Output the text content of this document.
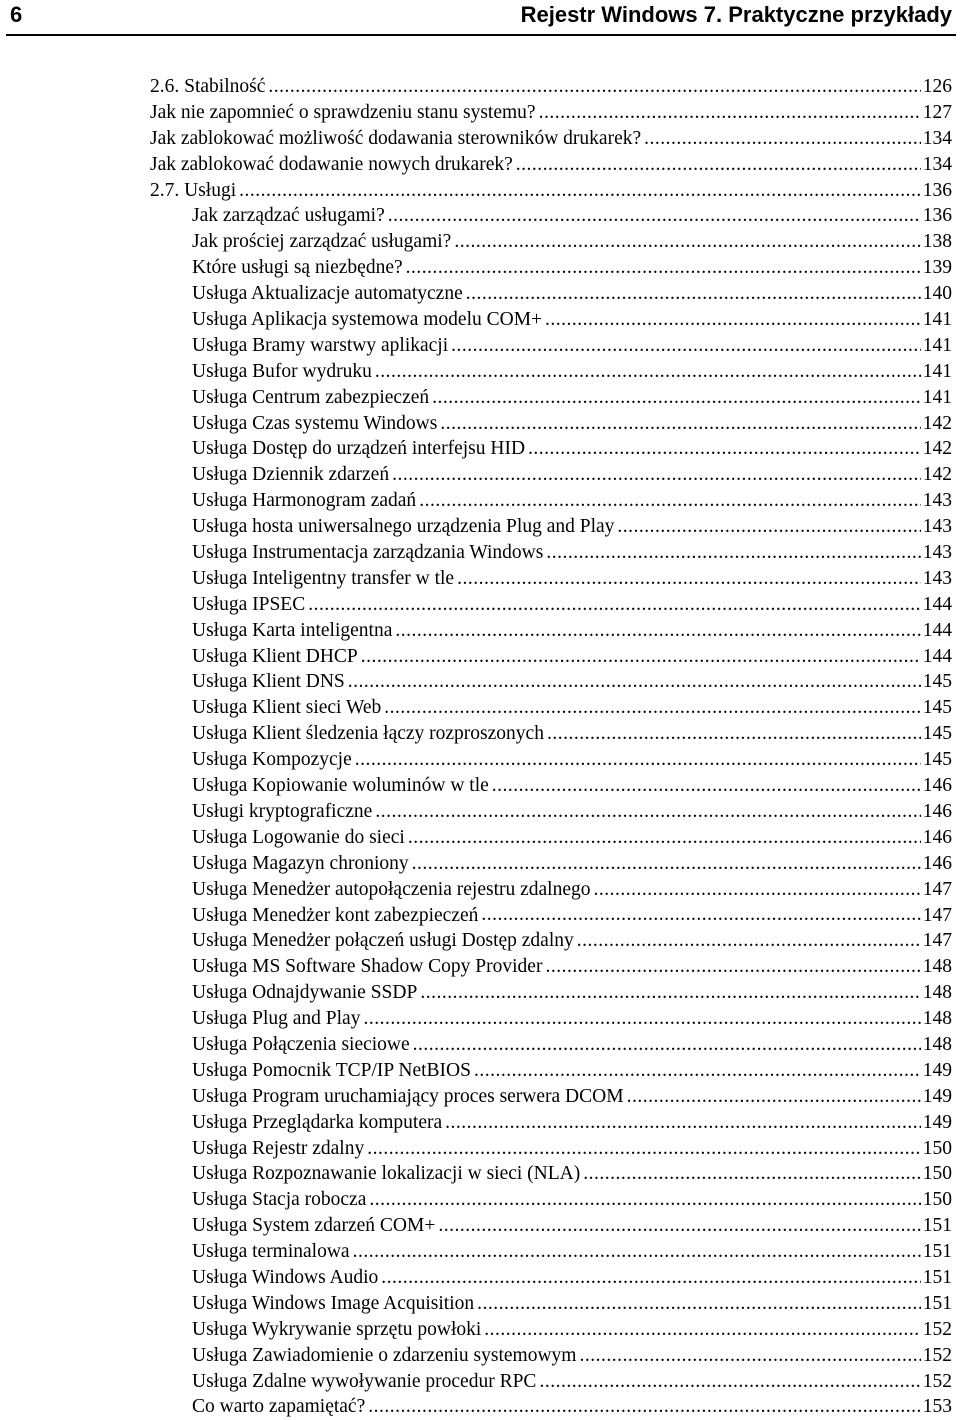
6	Rejestr Windows 7. Praktyczne przykłady
2.6. Stabilność .....	126
Jak nie zapomnieć o sprawdzeniu stanu systemu? .....	127
Jak zablokować możliwość dodawania sterowników drukarek? .....	134
Jak zablokować dodawanie nowych drukarek? .....	134
2.7. Usługi .....	136
Jak zarządzać usługami? .....	136
Jak prościej zarządzać usługami? .....	138
Które usługi są niezbędne? .....	139
Usługa Aktualizacje automatyczne .....	140
Usługa Aplikacja systemowa modelu COM+ .....	141
Usługa Bramy warstwy aplikacji .....	141
Usługa Bufor wydruku .....	141
Usługa Centrum zabezpieczeń .....	141
Usługa Czas systemu Windows .....	142
Usługa Dostęp do urządzeń interfejsu HID .....	142
Usługa Dziennik zdarzeń .....	142
Usługa Harmonogram zadań .....	143
Usługa hosta uniwersalnego urządzenia Plug and Play .....	143
Usługa Instrumentacja zarządzania Windows .....	143
Usługa Inteligentny transfer w tle .....	143
Usługa IPSEC .....	144
Usługa Karta inteligentna .....	144
Usługa Klient DHCP .....	144
Usługa Klient DNS .....	145
Usługa Klient sieci Web .....	145
Usługa Klient śledzenia łączy rozproszonych .....	145
Usługa Kompozycje .....	145
Usługa Kopiowanie woluminów w tle .....	146
Usługi kryptograficzne .....	146
Usługa Logowanie do sieci .....	146
Usługa Magazyn chroniony .....	146
Usługa Menedżer autopołączenia rejestru zdalnego .....	147
Usługa Menedżer kont zabezpieczeń .....	147
Usługa Menedżer połączeń usługi Dostęp zdalny .....	147
Usługa MS Software Shadow Copy Provider .....	148
Usługa Odnajdywanie SSDP .....	148
Usługa Plug and Play .....	148
Usługa Połączenia sieciowe .....	148
Usługa Pomocnik TCP/IP NetBIOS .....	149
Usługa Program uruchamiający proces serwera DCOM .....	149
Usługa Przeglądarka komputera .....	149
Usługa Rejestr zdalny .....	150
Usługa Rozpoznawanie lokalizacji w sieci (NLA) .....	150
Usługa Stacja robocza .....	150
Usługa System zdarzeń COM+ .....	151
Usługa terminalowa .....	151
Usługa Windows Audio .....	151
Usługa Windows Image Acquisition .....	151
Usługa Wykrywanie sprzętu powłoki .....	152
Usługa Zawiadomienie o zdarzeniu systemowym .....	152
Usługa Zdalne wywoływanie procedur RPC .....	152
Co warto zapamiętać? .....	153
